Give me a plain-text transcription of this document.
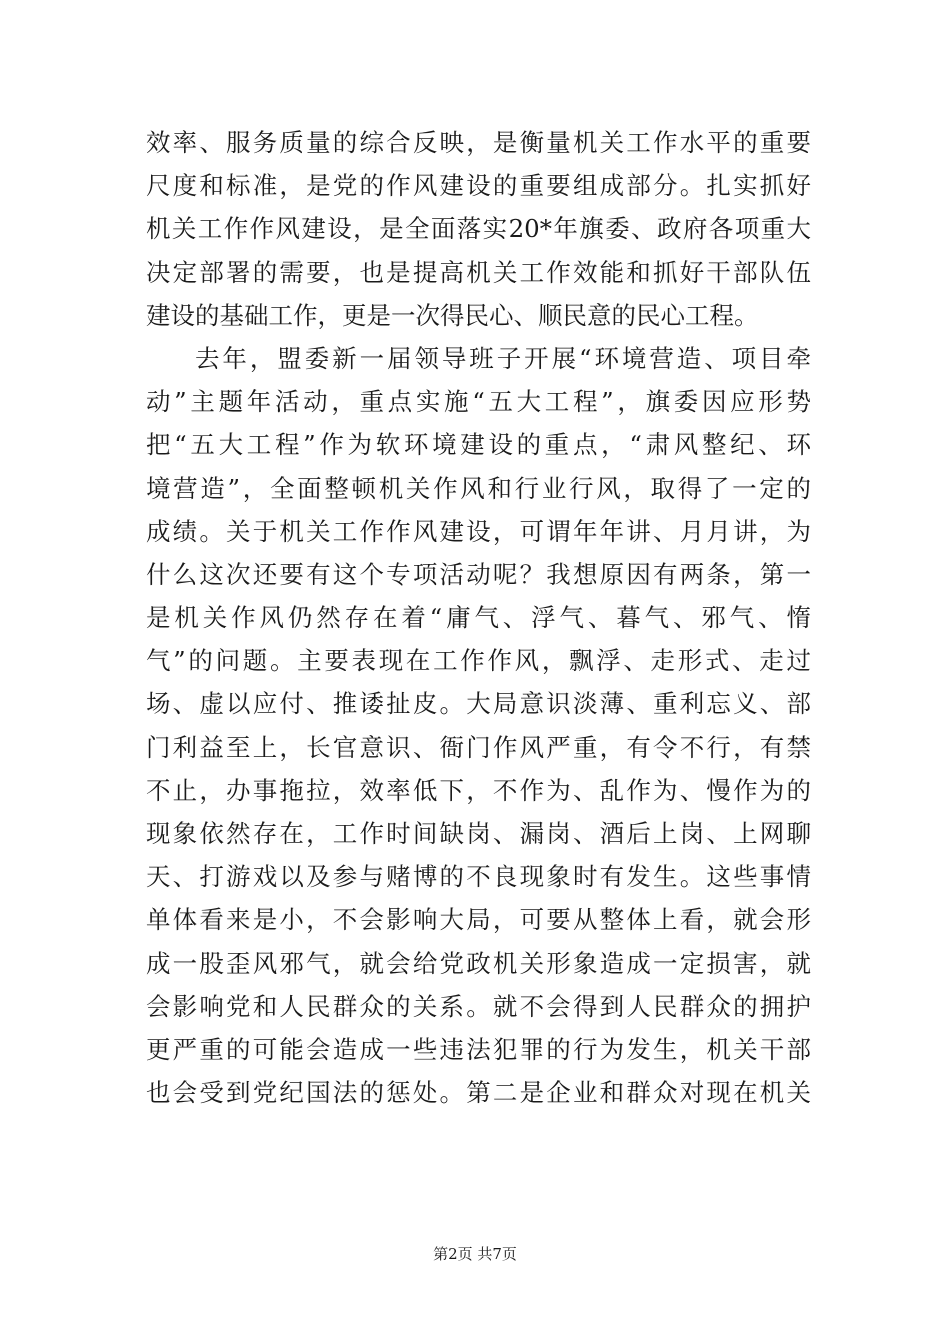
效率、服务质量的综合反映，是衡量机关工作水平的重要
尺度和标准，是党的作风建设的重要组成部分。扎实抓好
机关工作作风建设，是全面落实20*年旗委、政府各项重大
决定部署的需要，也是提高机关工作效能和抓好干部队伍
建设的基础工作，更是一次得民心、顺民意的民心工程。
去年，盟委新一届领导班子开展“环境营造、项目牵
动”主题年活动，重点实施“五大工程”，旗委因应形势
把“五大工程”作为软环境建设的重点，“肃风整纪、环
境营造”，全面整顿机关作风和行业行风，取得了一定的
成绩。关于机关工作作风建设，可谓年年讲、月月讲，为
什么这次还要有这个专项活动呢？我想原因有两条，第一
是机关作风仍然存在着“庸气、浮气、暮气、邪气、惰
气”的问题。主要表现在工作作风，飘浮、走形式、走过
场、虚以应付、推诿扯皮。大局意识淡薄、重利忘义、部
门利益至上，长官意识、衙门作风严重，有令不行，有禁
不止，办事拖拉，效率低下，不作为、乱作为、慢作为的
现象依然存在，工作时间缺岗、漏岗、酒后上岗、上网聊
天、打游戏以及参与赌博的不良现象时有发生。这些事情
单体看来是小，不会影响大局，可要从整体上看，就会形
成一股歪风邪气，就会给党政机关形象造成一定损害，就
会影响党和人民群众的关系。就不会得到人民群众的拥护
更严重的可能会造成一些违法犯罪的行为发生，机关干部
也会受到党纪国法的惩处。第二是企业和群众对现在机关
第2页 共7页
